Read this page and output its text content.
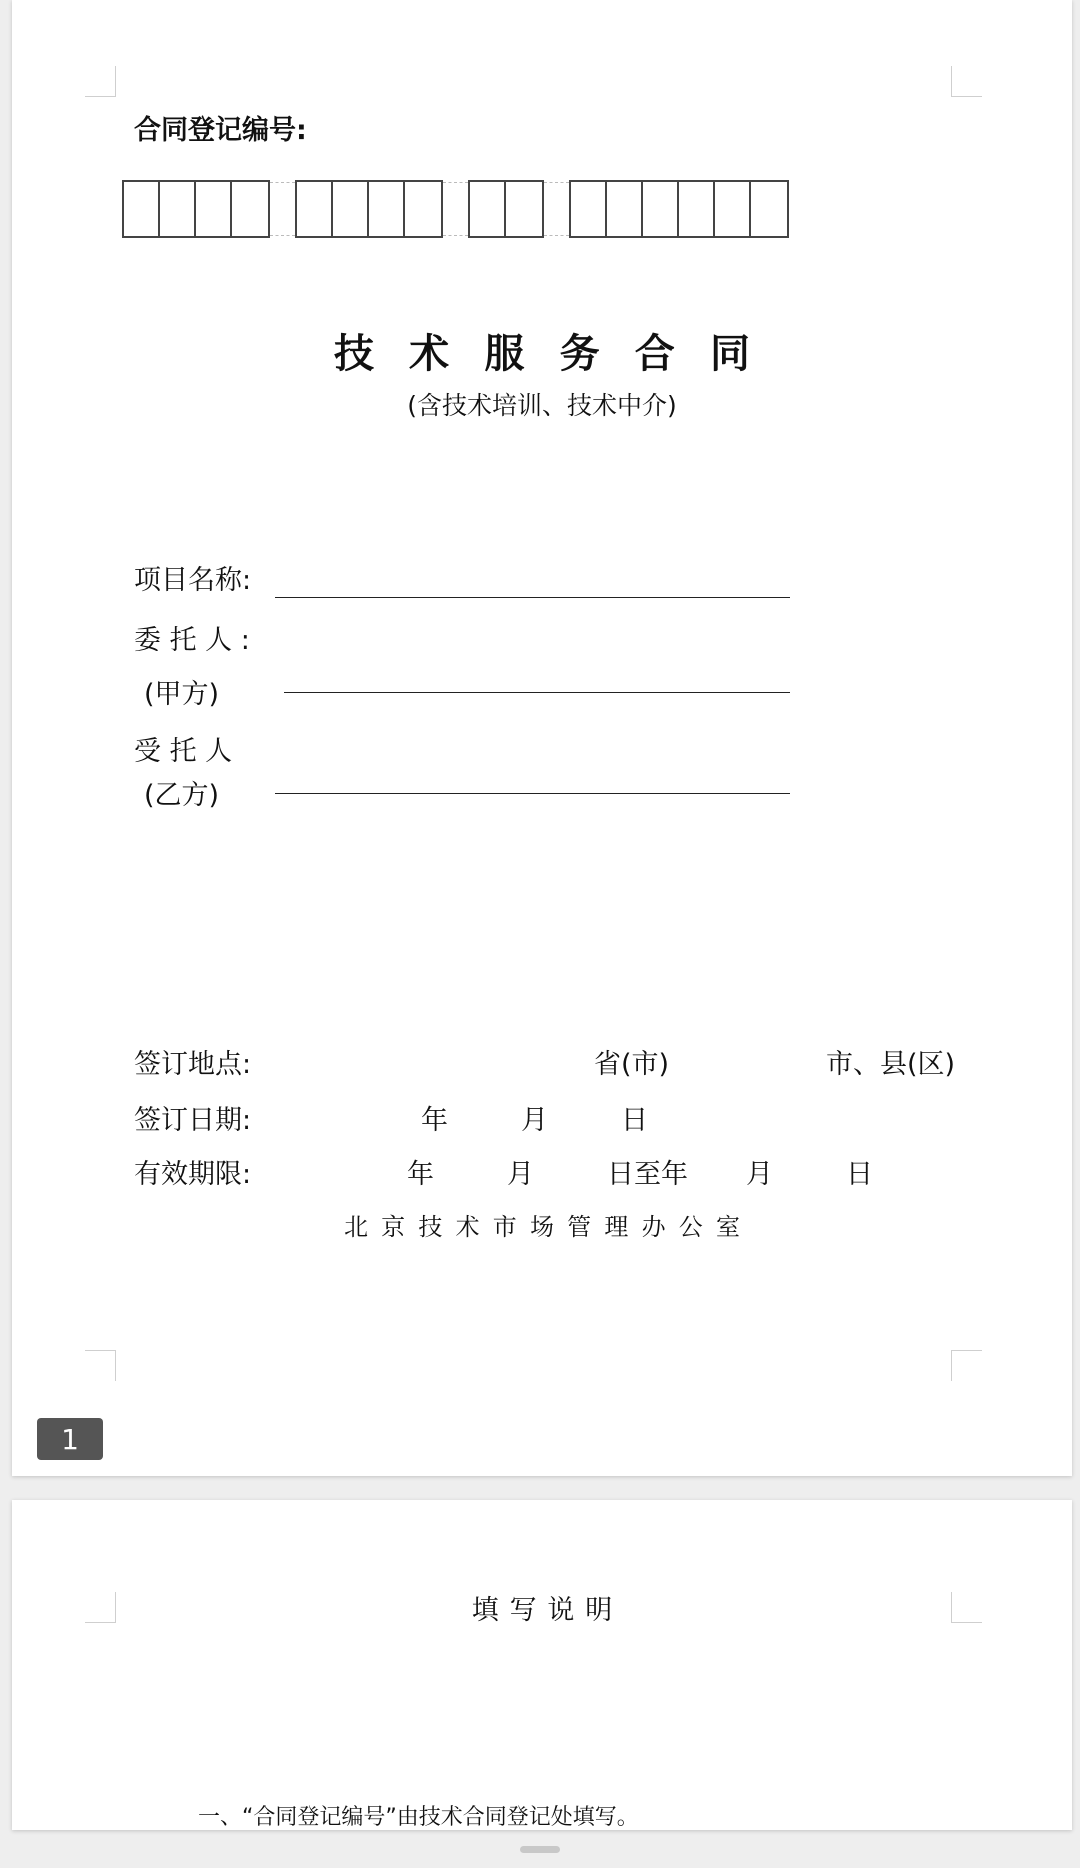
合同登记编号:
技术服务合同
(含技术培训、技术中介)
项目名称:
委 托 人 :
(甲方)
受 托 人
(乙方)
签订地点:	省(市)	市、县(区)
签订日期:	年	月	日
有效期限:	年	月	日至年 月	日
北京技术市场管理办公室
1
填写说明
一、“合同登记编号”由技术合同登记处填写。
